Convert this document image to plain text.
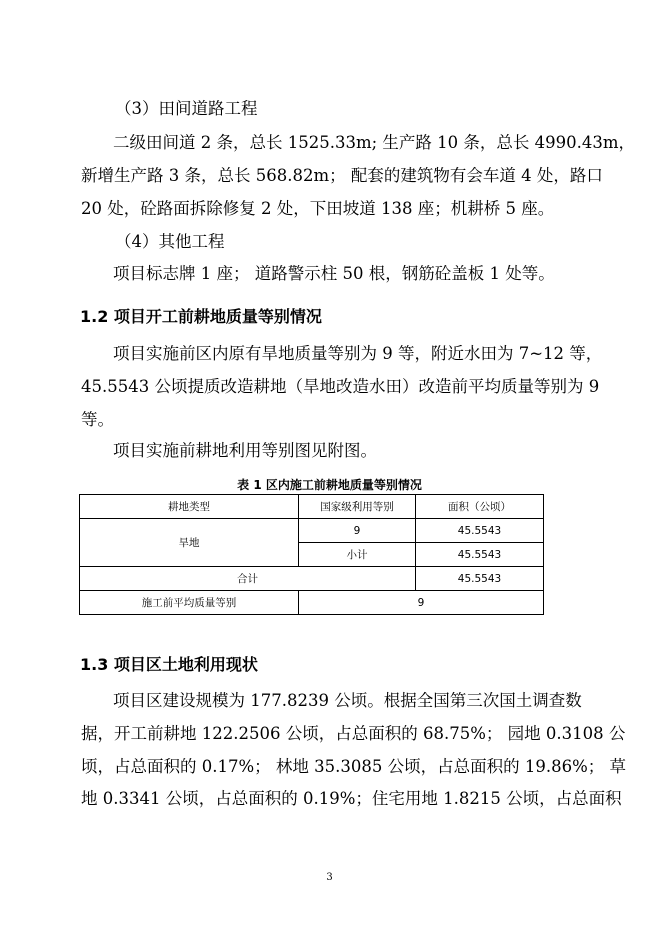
（3）田间道路工程
二级田间道 2 条，总长 1525.33m; 生产路 10 条，总长 4990.43m，
新增生产路 3 条，总长 568.82m； 配套的建筑物有会车道 4 处，路口
20 处，砼路面拆除修复 2 处，下田坡道 138 座；机耕桥 5 座。
（4）其他工程
项目标志牌 1 座； 道路警示柱 50 根，钢筋砼盖板 1 处等。
1.2 项目开工前耕地质量等别情况
项目实施前区内原有旱地质量等别为 9 等，附近水田为 7~12 等，
45.5543 公顷提质改造耕地（旱地改造水田）改造前平均质量等别为 9
等。
项目实施前耕地利用等别图见附图。
表 1 区内施工前耕地质量等别情况
耕地类型	国家级利用等别	面积（公顷）
旱地	9	45.5543
	小计	45.5543
合计		45.5543
施工前平均质量等别	9	
1.3 项目区土地利用现状
项目区建设规模为 177.8239 公顷。根据全国第三次国土调查数
据，开工前耕地 122.2506 公顷，占总面积的 68.75%； 园地 0.3108 公
顷，占总面积的 0.17%； 林地 35.3085 公顷，占总面积的 19.86%； 草
地 0.3341 公顷，占总面积的 0.19%；住宅用地 1.8215 公顷，占总面积
3
